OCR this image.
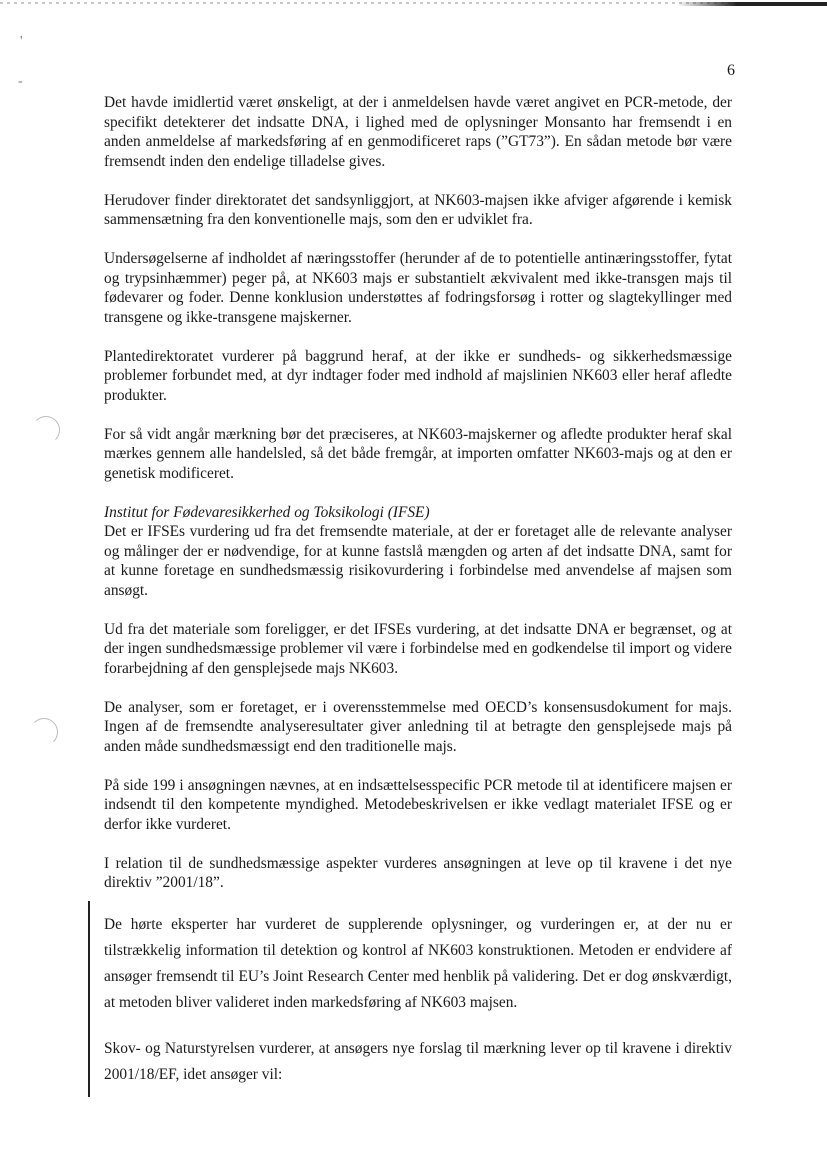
'
-
6

Det havde imidlertid været ønskeligt, at der i anmeldelsen havde været angivet en PCR-metode, der specifikt detekterer det indsatte DNA, i lighed med de oplysninger Monsanto har fremsendt i en anden anmeldelse af markedsføring af en genmodificeret raps (”GT73”). En sådan metode bør være fremsendt inden den endelige tilladelse gives.

Herudover finder direktoratet det sandsynliggjort, at NK603-majsen ikke afviger afgørende i kemisk sammensætning fra den konventionelle majs, som den er udviklet fra.

Undersøgelserne af indholdet af næringsstoffer (herunder af de to potentielle antinæringsstoffer, fytat og trypsinhæmmer) peger på, at NK603 majs er substantielt ækvivalent med ikke-transgen majs til fødevarer og foder. Denne konklusion understøttes af fodringsforsøg i rotter og slagtekyllinger med transgene og ikke-transgene majskerner.

Plantedirektoratet vurderer på baggrund heraf, at der ikke er sundheds- og sikkerhedsmæssige problemer forbundet med, at dyr indtager foder med indhold af majslinien NK603 eller heraf afledte produkter.

For så vidt angår mærkning bør det præciseres, at NK603-majskerner og afledte produkter heraf skal mærkes gennem alle handelsled, så det både fremgår, at importen omfatter NK603-majs og at den er genetisk modificeret.

Institut for Fødevaresikkerhed og Toksikologi (IFSE)

Det er IFSEs vurdering ud fra det fremsendte materiale, at der er foretaget alle de relevante analyser og målinger der er nødvendige, for at kunne fastslå mængden og arten af det indsatte DNA, samt for at kunne foretage en sundhedsmæssig risikovurdering i forbindelse med anvendelse af majsen som ansøgt.

Ud fra det materiale som foreligger, er det IFSEs vurdering, at det indsatte DNA er begrænset, og at der ingen sundhedsmæssige problemer vil være i forbindelse med en godkendelse til import og videre forarbejdning af den gensplejsede majs NK603.

De analyser, som er foretaget, er i overensstemmelse med OECD’s konsensusdokument for majs. Ingen af de fremsendte analyseresultater giver anledning til at betragte den gensplejsede majs på anden måde sundhedsmæssigt end den traditionelle majs.

På side 199 i ansøgningen nævnes, at en indsættelsesspecific PCR metode til at identificere majsen er indsendt til den kompetente myndighed. Metodebeskrivelsen er ikke vedlagt materialet IFSE og er derfor ikke vurderet.

I relation til de sundhedsmæssige aspekter vurderes ansøgningen at leve op til kravene i det nye direktiv ”2001/18”.

De hørte eksperter har vurderet de supplerende oplysninger, og vurderingen er, at der nu er tilstrækkelig information til detektion og kontrol af NK603 konstruktionen. Metoden er endvidere af ansøger fremsendt til EU’s Joint Research Center med henblik på validering. Det er dog ønskværdigt, at metoden bliver valideret inden markedsføring af NK603 majsen.

Skov- og Naturstyrelsen vurderer, at ansøgers nye forslag til mærkning lever op til kravene i direktiv 2001/18/EF, idet ansøger vil:
